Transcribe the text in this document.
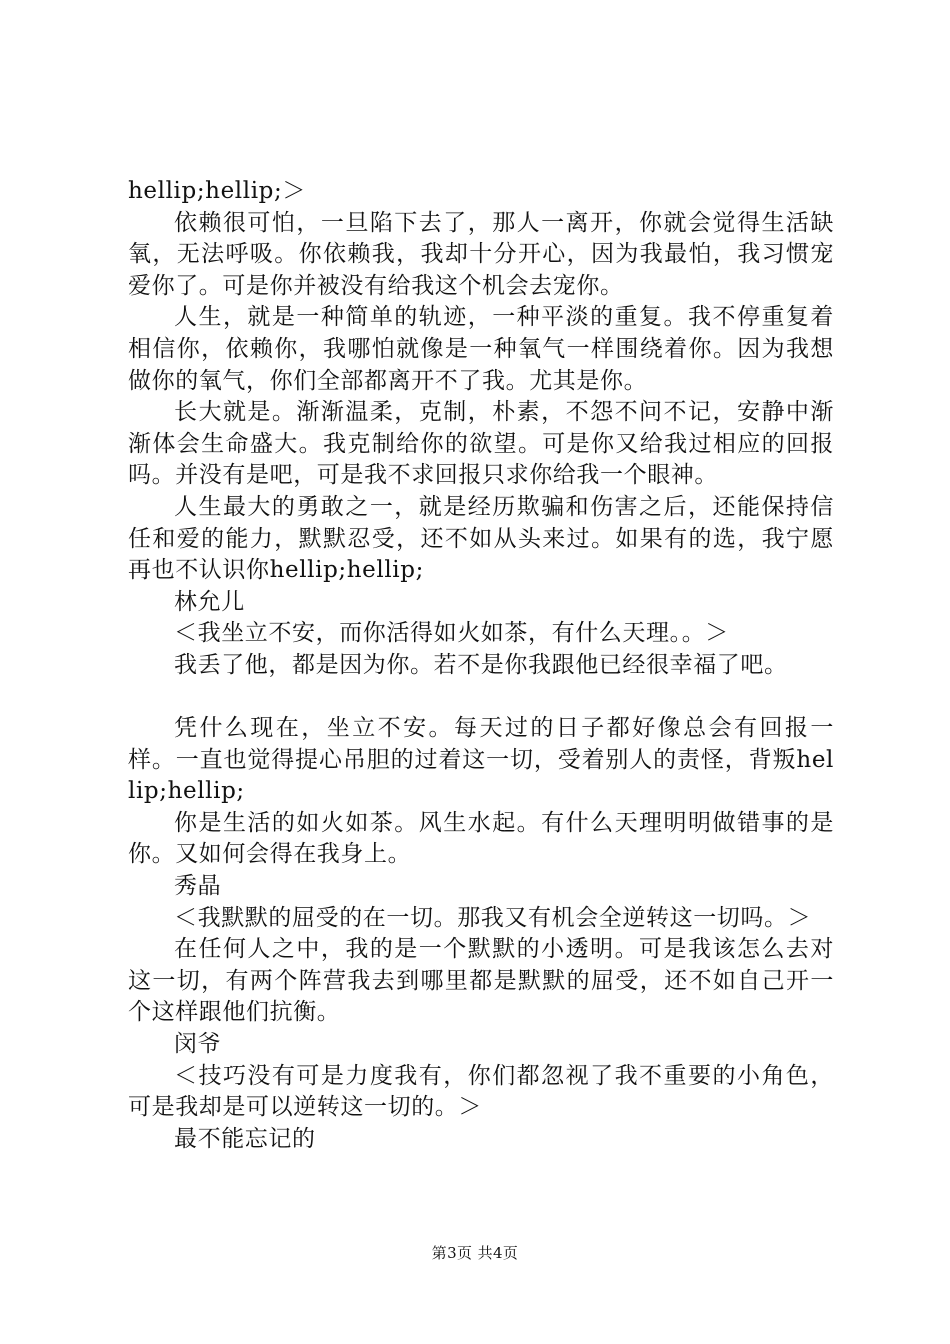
hellip;hellip;＞

依赖很可怕，一旦陷下去了，那人一离开，你就会觉得生活缺氧，无法呼吸。你依赖我，我却十分开心，因为我最怕，我习惯宠爱你了。可是你并被没有给我这个机会去宠你。

人生，就是一种简单的轨迹，一种平淡的重复。我不停重复着相信你，依赖你，我哪怕就像是一种氧气一样围绕着你。因为我想做你的氧气，你们全部都离开不了我。尤其是你。

长大就是。渐渐温柔，克制，朴素，不怨不问不记，安静中渐渐体会生命盛大。我克制给你的欲望。可是你又给我过相应的回报吗。并没有是吧，可是我不求回报只求你给我一个眼神。

人生最大的勇敢之一，就是经历欺骗和伤害之后，还能保持信任和爱的能力，默默忍受，还不如从头来过。如果有的选，我宁愿再也不认识你hellip;hellip;

林允儿

＜我坐立不安，而你活得如火如茶，有什么天理。。＞

我丢了他，都是因为你。若不是你我跟他已经很幸福了吧。

凭什么现在，坐立不安。每天过的日子都好像总会有回报一样。一直也觉得提心吊胆的过着这一切，受着别人的责怪，背叛hellip;hellip;

你是生活的如火如茶。风生水起。有什么天理明明做错事的是你。又如何会得在我身上。

秀晶

＜我默默的屈受的在一切。那我又有机会全逆转这一切吗。＞

在任何人之中，我的是一个默默的小透明。可是我该怎么去对这一切，有两个阵营我去到哪里都是默默的屈受，还不如自己开一个这样跟他们抗衡。

闵爷

＜技巧没有可是力度我有，你们都忽视了我不重要的小角色，可是我却是可以逆转这一切的。＞

最不能忘记的

第3页 共4页
